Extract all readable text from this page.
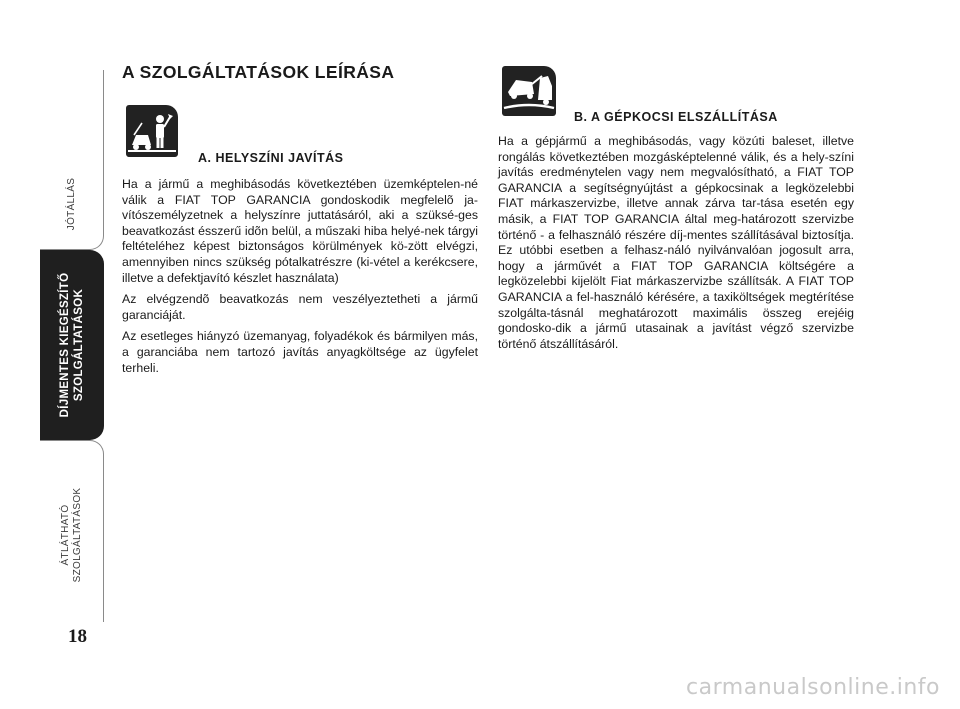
JÓTÁLLÁS
DÍJMENTES KIEGÉSZÍTŐ SZOLGÁLTATÁSOK
ÁTLÁTHATÓ
SZOLGÁLTATÁSOK
18
A SZOLGÁLTATÁSOK LEÍRÁSA
A. HELYSZÍNI JAVÍTÁS

Ha a jármű a meghibásodás következtében üzemképtelen-né válik a FIAT TOP GARANCIA gondoskodik megfelelõ ja-vítószemélyzetnek a helyszínre juttatásáról, aki a szüksé-ges beavatkozást ésszerű idõn belül, a műszaki hiba helyé-nek tárgyi feltételéhez képest biztonságos körülmények kö-zött elvégzi, amennyiben nincs szükség pótalkatrészre (ki-vétel a kerékcsere, illetve a defektjavító készlet használata)

Az elvégzendõ beavatkozás nem veszélyeztetheti a jármű garanciáját.

Az esetleges hiányzó üzemanyag, folyadékok és bármilyen más, a garanciába nem tartozó javítás anyagköltsége az ügyfelet terheli.

B. A GÉPKOCSI ELSZÁLLÍTÁSA

Ha a gépjármű a meghibásodás, vagy közúti baleset, illetve rongálás következtében mozgásképtelenné válik, és a hely-színi javítás eredménytelen vagy nem megvalósítható, a FIAT TOP GARANCIA a segítségnyújtást a gépkocsinak a legközelebbi FIAT márkaszervizbe, illetve annak zárva tar-tása esetén egy másik, a FIAT TOP GARANCIA által meg-határozott szervizbe történő - a felhasználó részére díj-mentes szállításával biztosítja. Ez utóbbi esetben a felhasz-náló nyilvánvalóan jogosult arra, hogy a járművét a FIAT TOP GARANCIA költségére a legközelebbi kijelölt Fiat márkaszervizbe szállítsák. A FIAT TOP GARANCIA a fel-használó kérésére, a taxiköltségek megtérítése szolgálta-tásnál meghatározott maximális összeg erejéig gondosko-dik a jármű utasainak a javítást végző szervizbe történő átszállításáról.

carmanualsonline.info
